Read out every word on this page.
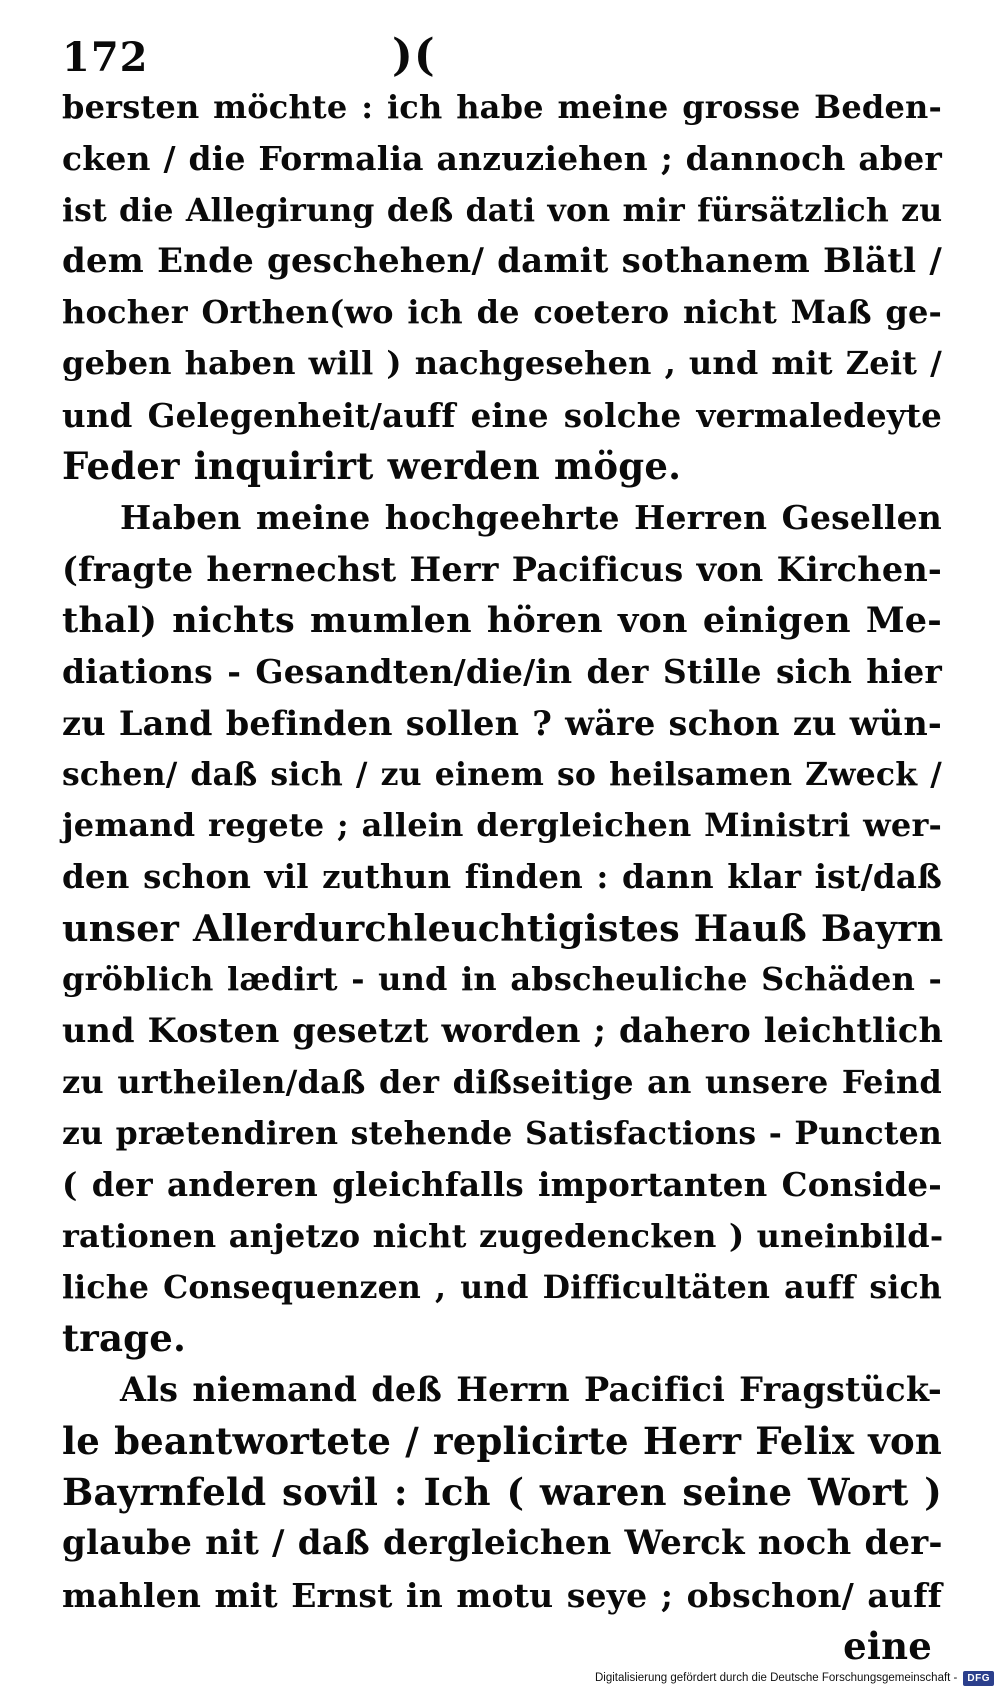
172	)(
bersten möchte : ich habe meine grosse Beden-
cken / die Formalia anzuziehen ; dannoch aber
ist die Allegirung deß dati von mir fürsätzlich zu
dem Ende geschehen/ damit sothanem Blätl /
hocher Orthen(wo ich de coetero nicht Maß ge-
geben haben will ) nachgesehen , und mit Zeit /
und Gelegenheit/auff eine solche vermaledeyte
Feder inquirirt werden möge.
Haben meine hochgeehrte Herren Gesellen
(fragte hernechst Herr Pacificus von Kirchen-
thal) nichts mumlen hören von einigen Me-
diations - Gesandten/die/in der Stille sich hier
zu Land befinden sollen ? wäre schon zu wün-
schen/ daß sich / zu einem so heilsamen Zweck /
jemand regete ; allein dergleichen Ministri wer-
den schon vil zuthun finden : dann klar ist/daß
unser Allerdurchleuchtigistes Hauß Bayrn
gröblich lædirt - und in abscheuliche Schäden -
und Kosten gesetzt worden ; dahero leichtlich
zu urtheilen/daß der dißseitige an unsere Feind
zu prætendiren stehende Satisfactions - Puncten
( der anderen gleichfalls importanten Conside-
rationen anjetzo nicht zugedencken ) uneinbild-
liche Consequenzen , und Difficultäten auff sich
trage.
Als niemand deß Herrn Pacifici Fragstück-
le beantwortete / replicirte Herr Felix von
Bayrnfeld sovil : Ich ( waren seine Wort )
glaube nit / daß dergleichen Werck noch der-
mahlen mit Ernst in motu seye ; obschon/ auff
eine
Digitalisierung gefördert durch die Deutsche Forschungsgemeinschaft -	DFG
